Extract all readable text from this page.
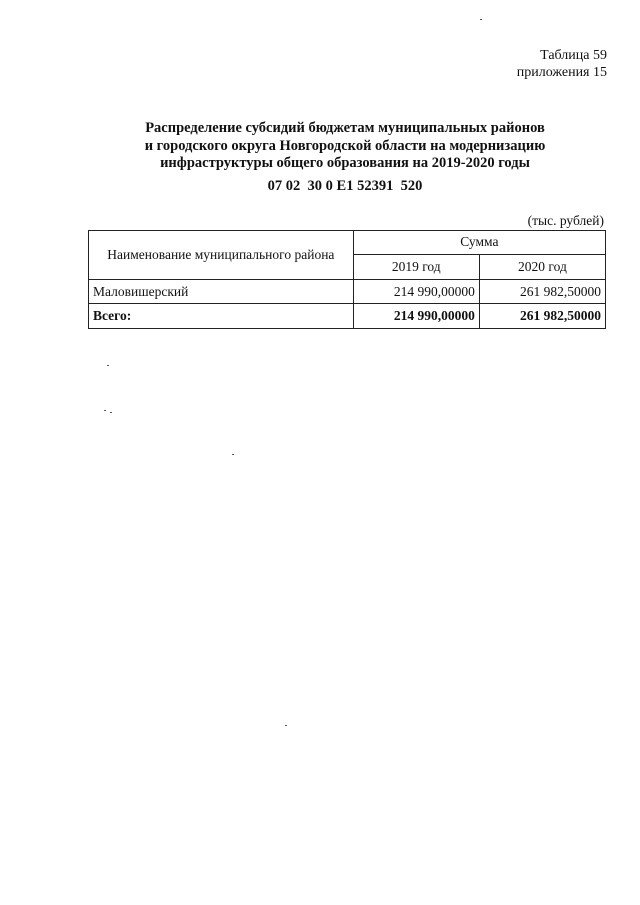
Таблица 59
приложения 15
Распределение субсидий бюджетам муниципальных районов
и городского округа Новгородской области на модернизацию
инфраструктуры общего образования на 2019-2020 годы
07 02  30 0 E1 52391  520
(тыс. рублей)
Наименование муниципального района	Сумма	
	2019 год	2020 год
Маловишерский	214 990,00000	261 982,50000
Всего:	214 990,00000	261 982,50000
